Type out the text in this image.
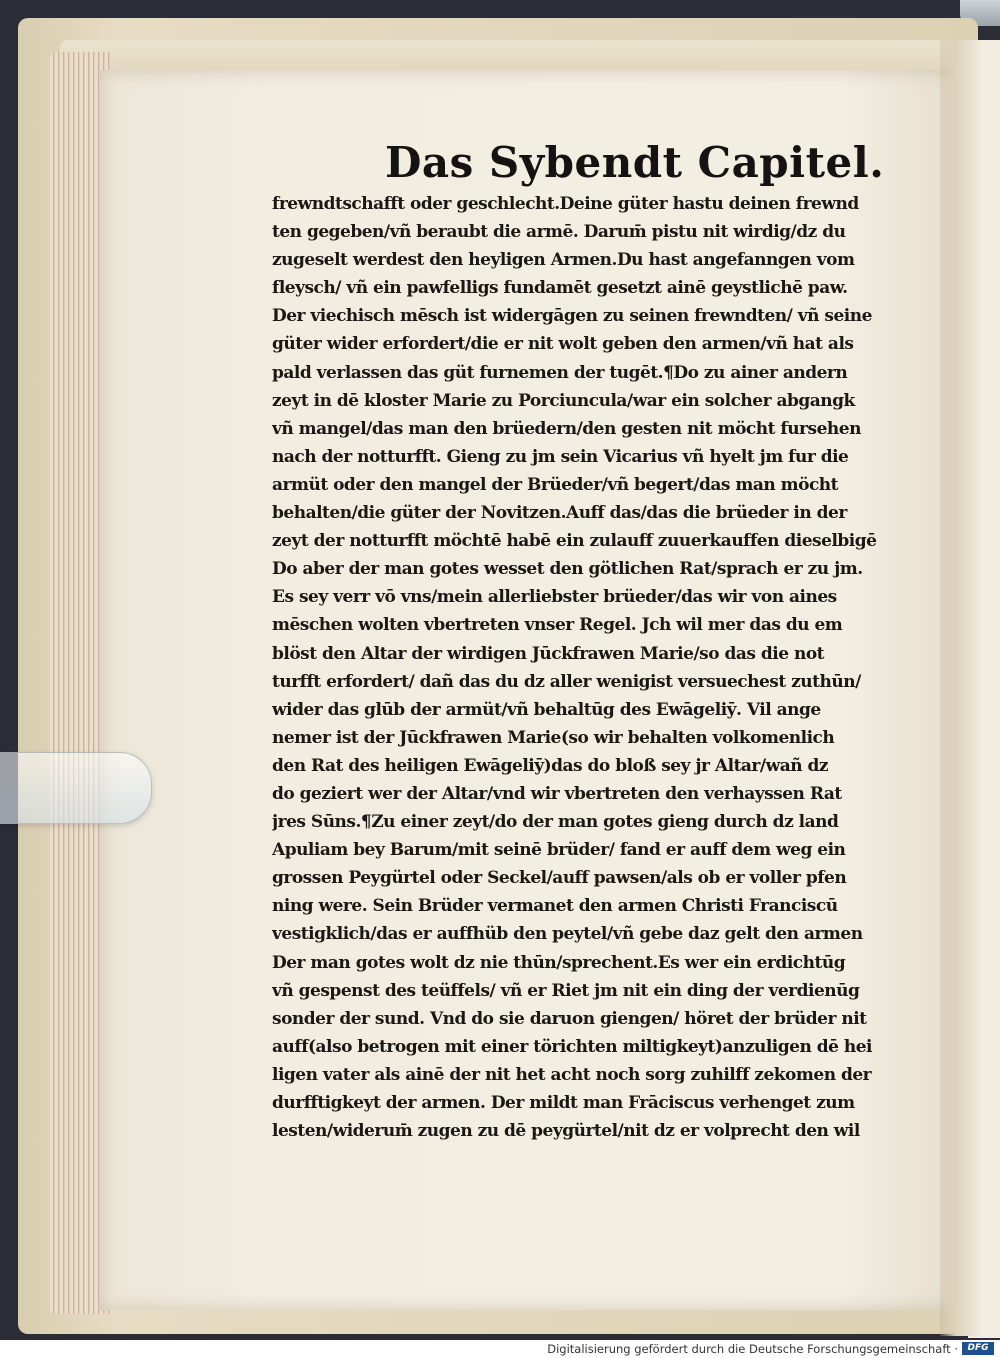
Das Sybendt Capitel.
frewndtschafft oder geschlecht.Deine güter hastu deinen frewnd
ten gegeben/vñ beraubt die armē. Darum̄ pistu nit wirdig/dz du
zugeselt werdest den heyligen Armen.Du hast angefanngen vom
fleysch/ vñ ein pawfelligs fundamēt gesetzt ainē geystlichē paw.
Der viechisch mēsch ist widergāgen zu seinen frewndten/ vñ seine
güter wider erfordert/die er nit wolt geben den armen/vñ hat als
pald verlassen das güt furnemen der tugēt.¶Do zu ainer andern
zeyt in dē kloster Marie zu Porciuncula/war ein solcher abgangk
vñ mangel/das man den brüedern/den gesten nit möcht fursehen
nach der notturfft. Gieng zu jm sein Vicarius vñ hyelt jm fur die
armüt oder den mangel der Brüeder/vñ begert/das man möcht
behalten/die güter der Novitzen.Auff das/das die brüeder in der
zeyt der notturfft möchtē habē ein zulauff zuuerkauffen dieselbigē
Do aber der man gotes wesset den götlichen Rat/sprach er zu jm.
Es sey verr vō vns/mein allerliebster brüeder/das wir von aines
mēschen wolten vbertreten vnser Regel. Jch wil mer das du em
blöst den Altar der wirdigen Jūckfrawen Marie/so das die not
turfft erfordert/ dañ das du dz aller wenigist versuechest zuthūn/
wider das glūb der armüt/vñ behaltūg des Ewāgeliȳ. Vil ange
nemer ist der Jūckfrawen Marie(so wir behalten volkomenlich
den Rat des heiligen Ewāgeliȳ)das do bloß sey jr Altar/wañ dz
do geziert wer der Altar/vnd wir vbertreten den verhayssen Rat
jres Sūns.¶Zu einer zeyt/do der man gotes gieng durch dz land
Apuliam bey Barum/mit seinē brüder/ fand er auff dem weg ein
grossen Peygürtel oder Seckel/auff pawsen/als ob er voller pfen
ning were. Sein Brüder vermanet den armen Christi Franciscū
vestigklich/das er auffhüb den peytel/vñ gebe daz gelt den armen
Der man gotes wolt dz nie thūn/sprechent.Es wer ein erdichtūg
vñ gespenst des teüffels/ vñ er Riet jm nit ein ding der verdienūg
sonder der sund. Vnd do sie daruon giengen/ höret der brüder nit
auff(also betrogen mit einer törichten miltigkeyt)anzuligen dē hei
ligen vater als ainē der nit het acht noch sorg zuhilff zekomen der
durfftigkeyt der armen. Der mildt man Frāciscus verhenget zum
lesten/widerum̄ zugen zu dē peygürtel/nit dz er volprecht den wil
Digitalisierung gefördert durch die Deutsche Forschungsgemeinschaft ·	DFG
